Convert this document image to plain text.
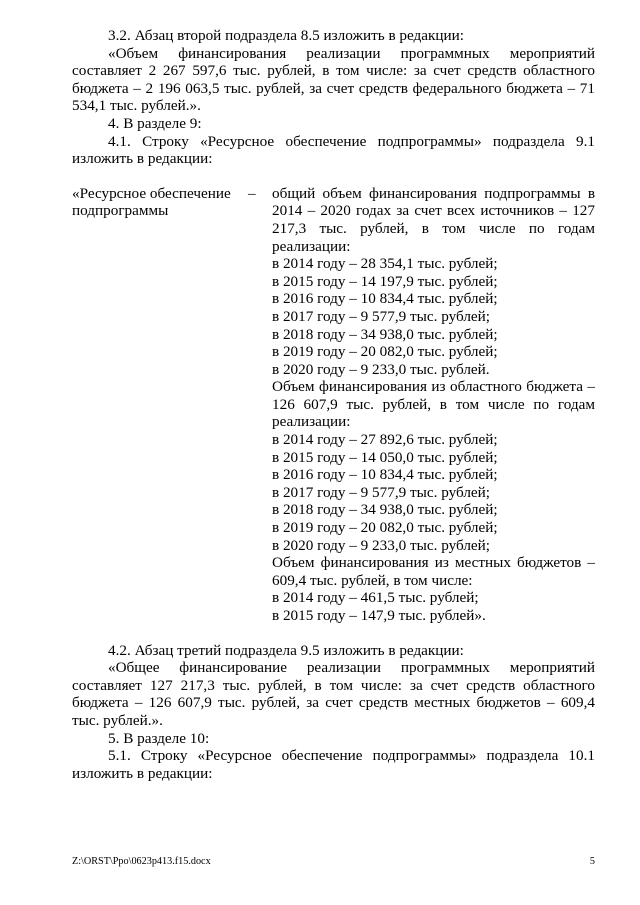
3.2. Абзац второй подраздела 8.5 изложить в редакции:

«Объем финансирования реализации программных мероприятий составляет 2 267 597,6 тыс. рублей, в том числе: за счет средств областного бюджета – 2 196 063,5 тыс. рублей, за счет средств федерального бюджета – 71 534,1 тыс. рублей.».

4. В разделе 9:

4.1. Строку «Ресурсное обеспечение подпрограммы» подраздела 9.1 изложить в редакции:

«Ресурсное обеспечение

подпрограммы

– общий объем финансирования подпрограммы в 2014 – 2020 годах за счет всех источников – 127 217,3 тыс. рублей, в том числе по годам реализации:

в 2014 году – 28 354,1 тыс. рублей;

в 2015 году – 14 197,9 тыс. рублей;

в 2016 году – 10 834,4 тыс. рублей;

в 2017 году – 9 577,9 тыс. рублей;

в 2018 году – 34 938,0 тыс. рублей;

в 2019 году – 20 082,0 тыс. рублей;

в 2020 году – 9 233,0 тыс. рублей.

Объем финансирования из областного бюджета – 126 607,9 тыс. рублей, в том числе по годам реализации:

в 2014 году – 27 892,6 тыс. рублей;

в 2015 году – 14 050,0 тыс. рублей;

в 2016 году – 10 834,4 тыс. рублей;

в 2017 году – 9 577,9 тыс. рублей;

в 2018 году – 34 938,0 тыс. рублей;

в 2019 году – 20 082,0 тыс. рублей;

в 2020 году – 9 233,0 тыс. рублей;

Объем финансирования из местных бюджетов – 609,4 тыс. рублей, в том числе:

в 2014 году – 461,5 тыс. рублей;

в 2015 году – 147,9 тыс. рублей».

4.2. Абзац третий подраздела 9.5 изложить в редакции:

«Общее финансирование реализации программных мероприятий составляет 127 217,3 тыс. рублей, в том числе: за счет средств областного бюджета – 126 607,9 тыс. рублей, за счет средств местных бюджетов – 609,4 тыс. рублей.».

5. В разделе 10:

5.1. Строку «Ресурсное обеспечение подпрограммы» подраздела 10.1 изложить в редакции:

Z:\ORST\Ppo\0623p413.f15.docx	5
